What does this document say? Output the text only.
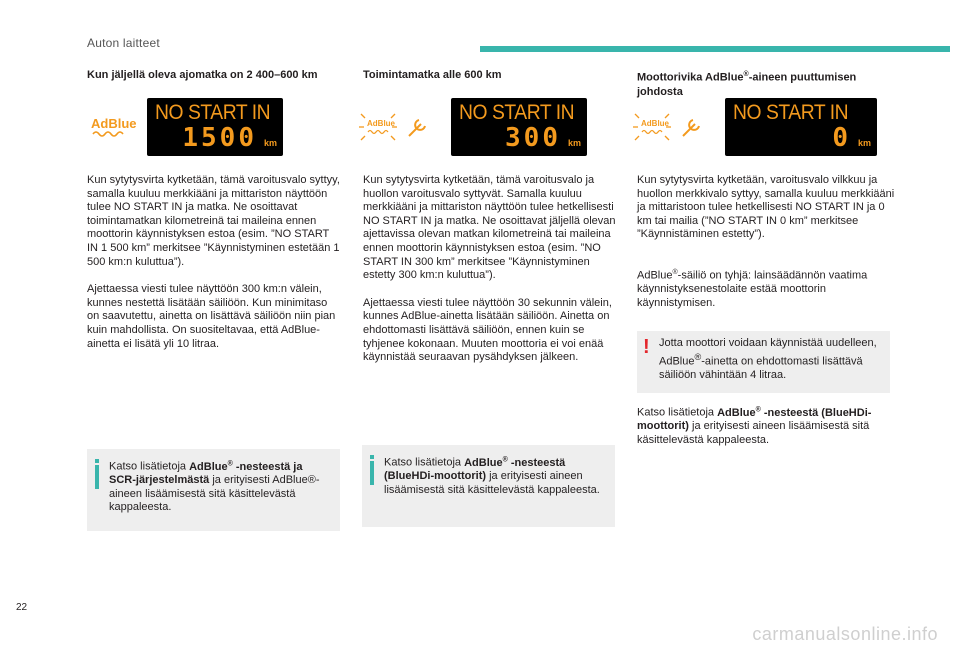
Auton laitteet

Kun jäljellä oleva ajomatka on 2 400–600 km

AdBlue NO START IN
1500 km

Kun sytytysvirta kytketään, tämä varoitusvalo syttyy, samalla kuuluu merkkiääni ja mittariston näyttöön tulee NO START IN ja matka. Ne osoittavat toimintamatkan kilometreinä tai maileina ennen moottorin käynnistyksen estoa (esim. ”NO START IN 1 500 km” merkitsee ”Käynnistyminen estetään 1 500 km:n kuluttua”).

Ajettaessa viesti tulee näyttöön 300 km:n välein, kunnes nestettä lisätään säiliöön. Kun minimitaso on saavutettu, ainetta on lisättävä säiliöön niin pian kuin mahdollista. On suositeltavaa, että AdBlue-ainetta ei lisätä yli 10 litraa.

Katso lisätietoja AdBlue® -nesteestä ja SCR-järjestelmästä ja erityisesti AdBlue®-aineen lisäämisestä sitä käsittelevästä kappaleesta.

Toimintamatka alle 600 km

AdBlue	NO START IN
300 km

Kun sytytysvirta kytketään, tämä varoitusvalo ja huollon varoitusvalo syttyvät. Samalla kuuluu merkkiääni ja mittariston näyttöön tulee hetkellisesti NO START IN ja matka. Ne osoittavat jäljellä olevan ajettavissa olevan matkan kilometreinä tai maileina ennen moottorin käynnistyksen estoa (esim. ”NO START IN 300 km” merkitsee ”Käynnistyminen estetty 300 km:n kuluttua”).

Ajettaessa viesti tulee näyttöön 30 sekunnin välein, kunnes AdBlue-ainetta lisätään säiliöön. Ainetta on ehdottomasti lisättävä säiliöön, ennen kuin se tyhjenee kokonaan. Muuten moottoria ei voi enää käynnistää seuraavan pysähdyksen jälkeen.

Katso lisätietoja AdBlue® -nesteestä (BlueHDi-moottorit) ja erityisesti aineen lisäämisestä sitä käsittelevästä kappaleesta.

Moottorivika AdBlue®-aineen puuttumisen johdosta

AdBlue	NO START IN
0 km

Kun sytytysvirta kytketään, varoitusvalo vilkkuu ja huollon merkkivalo syttyy, samalla kuuluu merkkiääni ja mittaristoon tulee hetkellisesti NO START IN ja 0 km tai mailia (”NO START IN 0 km” merkitsee ”Käynnistäminen estetty”).

AdBlue®-säiliö on tyhjä: lainsäädännön vaatima käynnistyksenestolaite estää moottorin käynnistymisen.

! Jotta moottori voidaan käynnistää uudelleen, AdBlue®-ainetta on ehdottomasti lisättävä säiliöön vähintään 4 litraa.

Katso lisätietoja AdBlue® -nesteestä (BlueHDi-moottorit) ja erityisesti aineen lisäämisestä sitä käsittelevästä kappaleesta.

22
carmanualsonline.info
